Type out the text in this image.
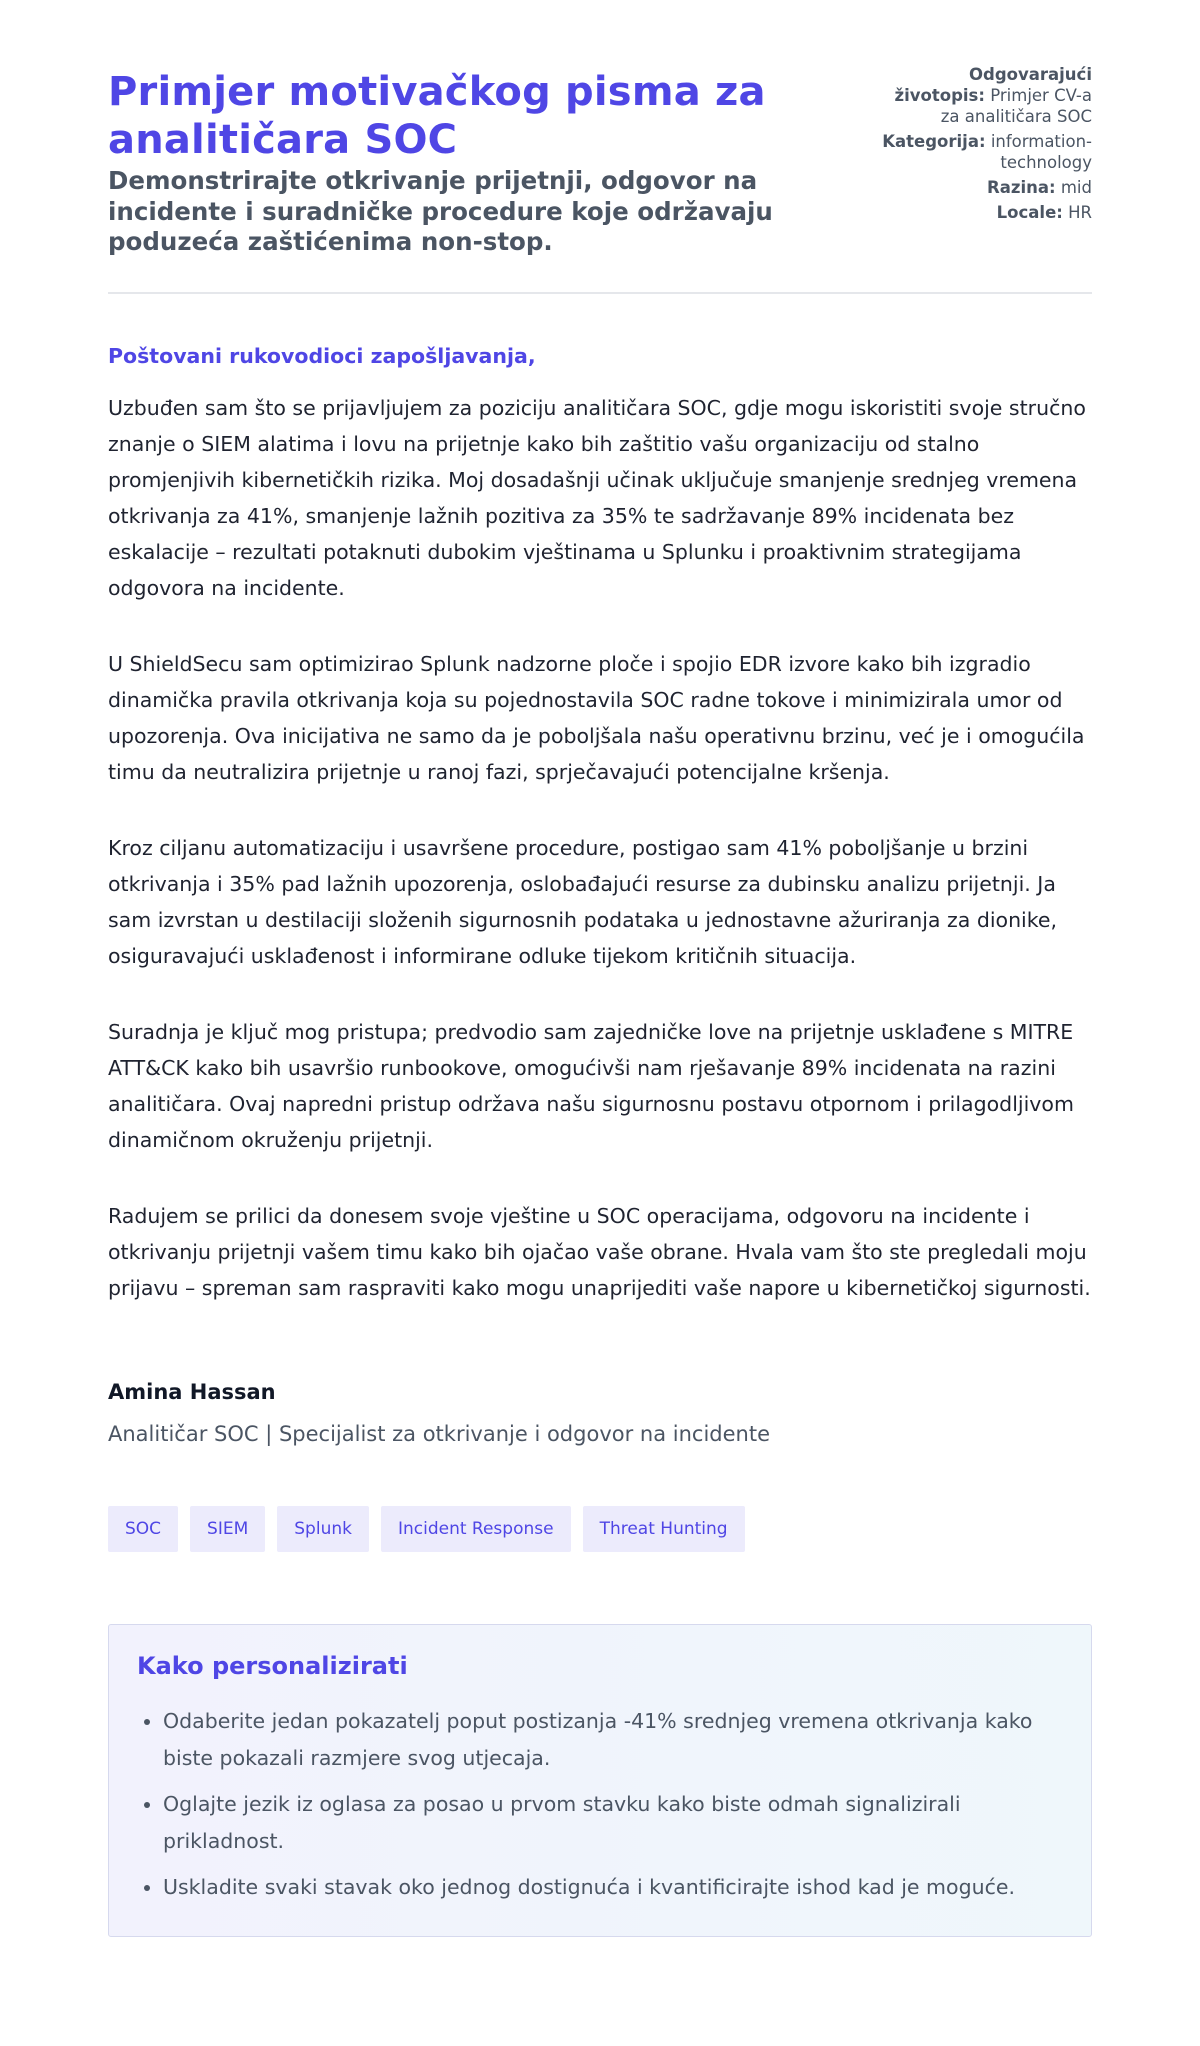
Primjer motivačkog pisma za analitičara SOC
Demonstrirajte otkrivanje prijetnji, odgovor na incidente i suradničke procedure koje održavaju poduzeća zaštićenima non-stop.
Odgovarajući životopis: Primjer CV-a za analitičara SOC
Kategorija: information-technology
Razina: mid
Locale: HR
Poštovani rukovodioci zapošljavanja,

Uzbuđen sam što se prijavljujem za poziciju analitičara SOC, gdje mogu iskoristiti svoje stručno znanje o SIEM alatima i lovu na prijetnje kako bih zaštitio vašu organizaciju od stalno promjenjivih kibernetičkih rizika. Moj dosadašnji učinak uključuje smanjenje srednjeg vremena otkrivanja za 41%, smanjenje lažnih pozitiva za 35% te sadržavanje 89% incidenata bez eskalacije – rezultati potaknuti dubokim vještinama u Splunku i proaktivnim strategijama odgovora na incidente.

U ShieldSecu sam optimizirao Splunk nadzorne ploče i spojio EDR izvore kako bih izgradio dinamička pravila otkrivanja koja su pojednostavila SOC radne tokove i minimizirala umor od upozorenja. Ova inicijativa ne samo da je poboljšala našu operativnu brzinu, već je i omogućila timu da neutralizira prijetnje u ranoj fazi, sprječavajući potencijalne kršenja.

Kroz ciljanu automatizaciju i usavršene procedure, postigao sam 41% poboljšanje u brzini otkrivanja i 35% pad lažnih upozorenja, oslobađajući resurse za dubinsku analizu prijetnji. Ja sam izvrstan u destilaciji složenih sigurnosnih podataka u jednostavne ažuriranja za dionike, osiguravajući usklađenost i informirane odluke tijekom kritičnih situacija.

Suradnja je ključ mog pristupa; predvodio sam zajedničke love na prijetnje usklađene s MITRE ATT&CK kako bih usavršio runbookove, omogućivši nam rješavanje 89% incidenata na razini analitičara. Ovaj napredni pristup održava našu sigurnosnu postavu otpornom i prilagodljivom dinamičnom okruženju prijetnji.

Radujem se prilici da donesem svoje vještine u SOC operacijama, odgovoru na incidente i otkrivanju prijetnji vašem timu kako bih ojačao vaše obrane. Hvala vam što ste pregledali moju prijavu – spreman sam raspraviti kako mogu unaprijediti vaše napore u kibernetičkoj sigurnosti.

Amina Hassan
Analitičar SOC | Specijalist za otkrivanje i odgovor na incidente
SOC	SIEM	Splunk	Incident Response	Threat Hunting
Kako personalizirati
• Odaberite jedan pokazatelj poput postizanja -41% srednjeg vremena otkrivanja kako biste pokazali razmjere svog utjecaja.
• Oglajte jezik iz oglasa za posao u prvom stavku kako biste odmah signalizirali prikladnost.
• Uskladite svaki stavak oko jednog dostignuća i kvantificirajte ishod kad je moguće.
